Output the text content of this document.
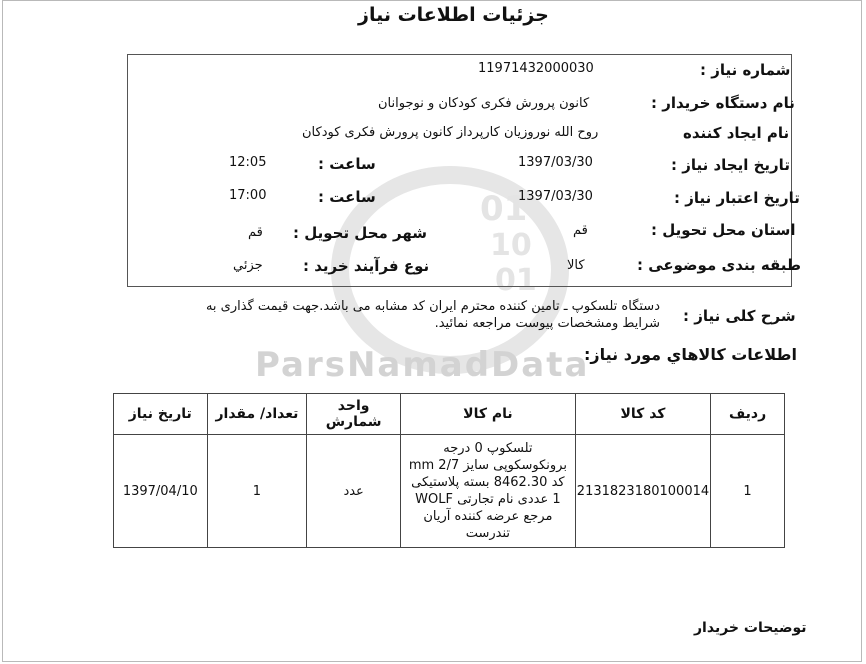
01
10
01
ParsNamadData
جزئیات اطلاعات نیاز
شماره نیاز :
11971432000030
نام دستگاه خریدار :
کانون پرورش فکری کودکان و نوجوانان
نام ایجاد کننده
روح الله نوروزیان کارپرداز کانون پرورش فکری کودکان
تاریخ ایجاد نیاز :
1397/03/30
ساعت :
12:05
تاریخ اعتبار نیاز :
1397/03/30
ساعت :
17:00
استان محل تحویل :
قم
شهر محل تحویل :
قم
طبقه بندی موضوعی :
کالا
نوع فرآیند خرید :
جزئي
شرح کلی نیاز :
دستگاه تلسکوپ ـ تامین کننده محترم ایران کد مشابه می باشد.جهت قیمت گذاری به شرایط ومشخصات پیوست مراجعه نمائید.
اطلاعات کالاهاي مورد نياز:
رديف	کد کالا	نام کالا	واحد شمارش	تعداد/ مقدار	تاريخ نياز
1	2131823180100014	تلسکوپ 0 درجه برونکوسکوپی سایز 2/7 mm کد 8462.30 بسته پلاستیکی 1 عددی نام تجارتی WOLF مرجع عرضه کننده آریان تندرست	عدد	1	1397/04/10
توضیحات خریدار
